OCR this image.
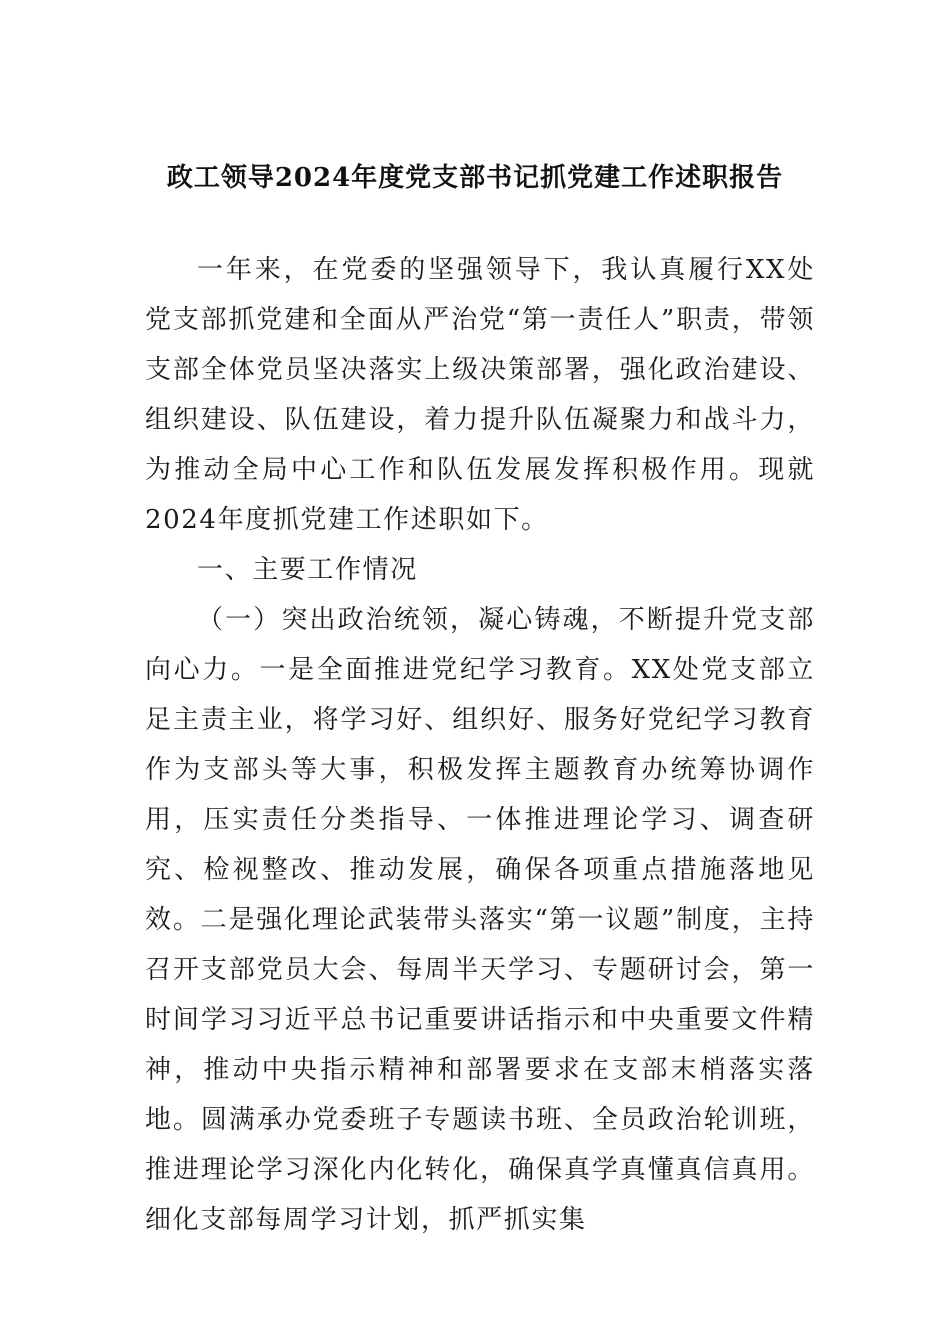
政工领导2024年度党支部书记抓党建工作述职报告

一年来，在党委的坚强领导下，我认真履行XX处党支部抓党建和全面从严治党“第一责任人”职责，带领支部全体党员坚决落实上级决策部署，强化政治建设、组织建设、队伍建设，着力提升队伍凝聚力和战斗力，为推动全局中心工作和队伍发展发挥积极作用。现就2024年度抓党建工作述职如下。

一、主要工作情况

（一）突出政治统领，凝心铸魂，不断提升党支部向心力。一是全面推进党纪学习教育。XX处党支部立足主责主业，将学习好、组织好、服务好党纪学习教育作为支部头等大事，积极发挥主题教育办统筹协调作用，压实责任分类指导、一体推进理论学习、调查研究、检视整改、推动发展，确保各项重点措施落地见效。二是强化理论武装带头落实“第一议题”制度，主持召开支部党员大会、每周半天学习、专题研讨会，第一时间学习习近平总书记重要讲话指示和中央重要文件精神，推动中央指示精神和部署要求在支部末梢落实落地。圆满承办党委班子专题读书班、全员政治轮训班，推进理论学习深化内化转化，确保真学真懂真信真用。细化支部每周学习计划，抓严抓实集
